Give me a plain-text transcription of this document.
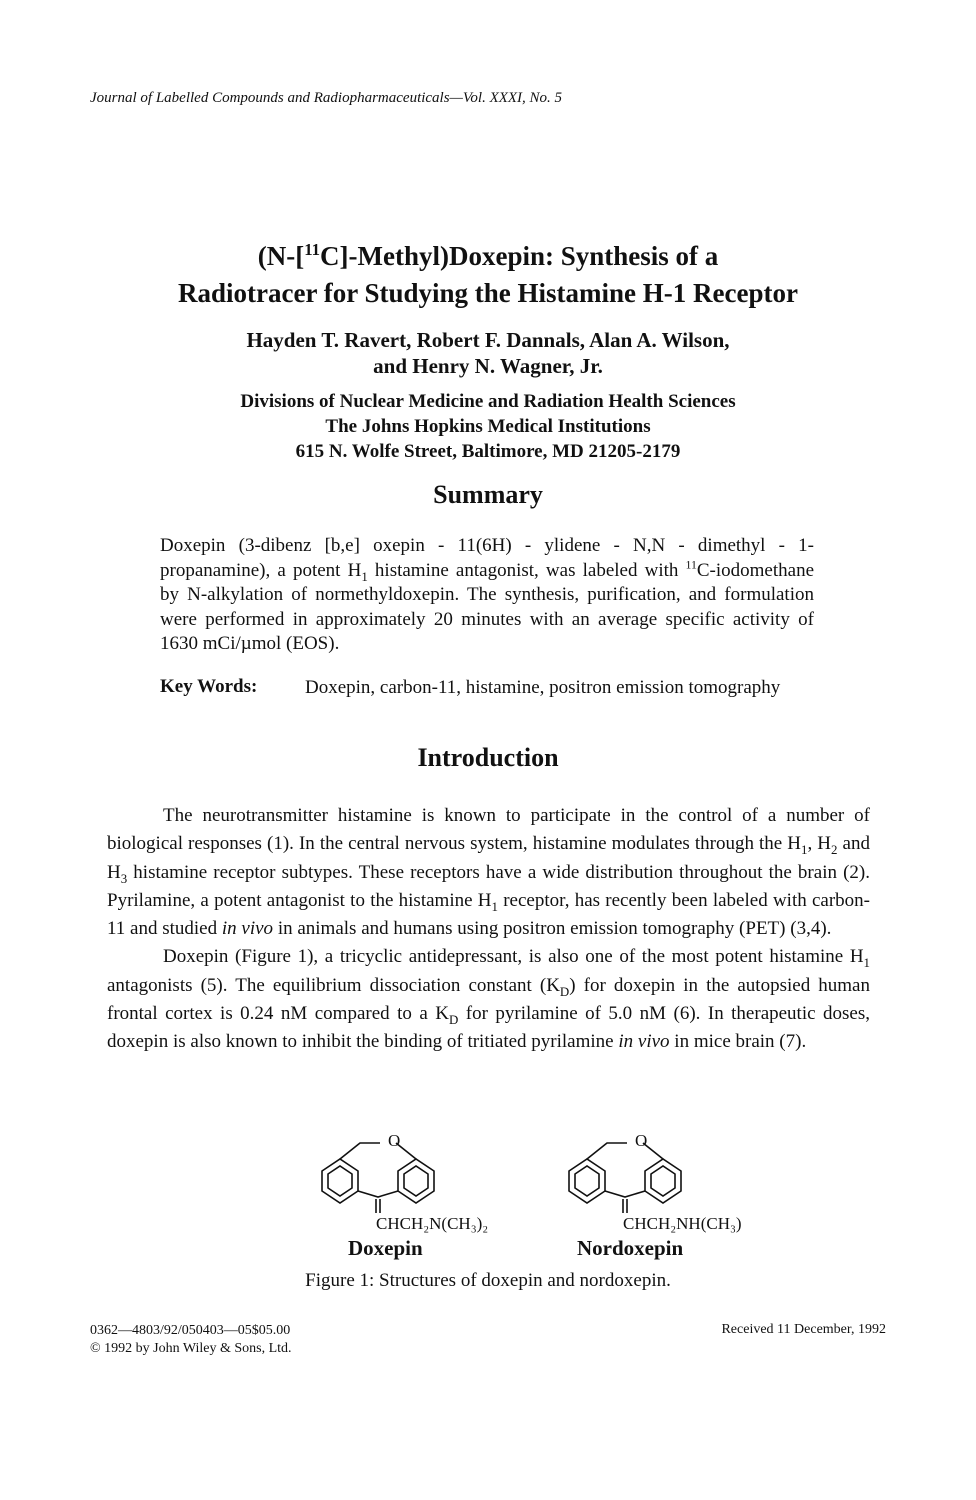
Journal of Labelled Compounds and Radiopharmaceuticals—Vol. XXXI, No. 5
(N-[$^{11}$C]-Methyl)Doxepin: Synthesis of a
Radiotracer for Studying the Histamine H-1 Receptor
Hayden T. Ravert, Robert F. Dannals, Alan A. Wilson,
and Henry N. Wagner, Jr.
Divisions of Nuclear Medicine and Radiation Health Sciences
The Johns Hopkins Medical Institutions
615 N. Wolfe Street, Baltimore, MD 21205-2179
Summary
Doxepin (3-dibenz [b,e] oxepin - 11(6H) - ylidene - N,N - dimethyl - 1-propanamine), a potent $H_1$ histamine antagonist, was labeled with $^{11}$C-iodomethane by N-alkylation of normethyldoxepin. The synthesis, purification, and formulation were performed in approximately 20 minutes with an average specific activity of 1630 mCi/µmol (EOS).
Key Words:	Doxepin, carbon-11, histamine, positron emission tomography
Introduction

The neurotransmitter histamine is known to participate in the control of a number of biological responses (1). In the central nervous system, histamine modulates through the $H_1$, $H_2$ and $H_3$ histamine receptor subtypes. These receptors have a wide distribution throughout the brain (2). Pyrilamine, a potent antagonist to the histamine $H_1$ receptor, has recently been labeled with carbon-11 and studied in vivo in animals and humans using positron emission tomography (PET) (3,4).

Doxepin (Figure 1), a tricyclic antidepressant, is also one of the most potent histamine $H_1$ antagonists (5). The equilibrium dissociation constant $(K_D)$ for doxepin in the autopsied human frontal cortex is 0.24 nM compared to a $K_D$ for pyrilamine of 5.0 nM (6). In therapeutic doses, doxepin is also known to inhibit the binding of tritiated pyrilamine in vivo in mice brain (7).

O
CHCH₂N(CH₃)₂
Doxepin
O
CHCH₂NH(CH₃)
Nordoxepin
Figure 1: Structures of doxepin and nordoxepin.
0362—4803/92/050403—05$05.00
© 1992 by John Wiley & Sons, Ltd.
Received 11 December, 1992
